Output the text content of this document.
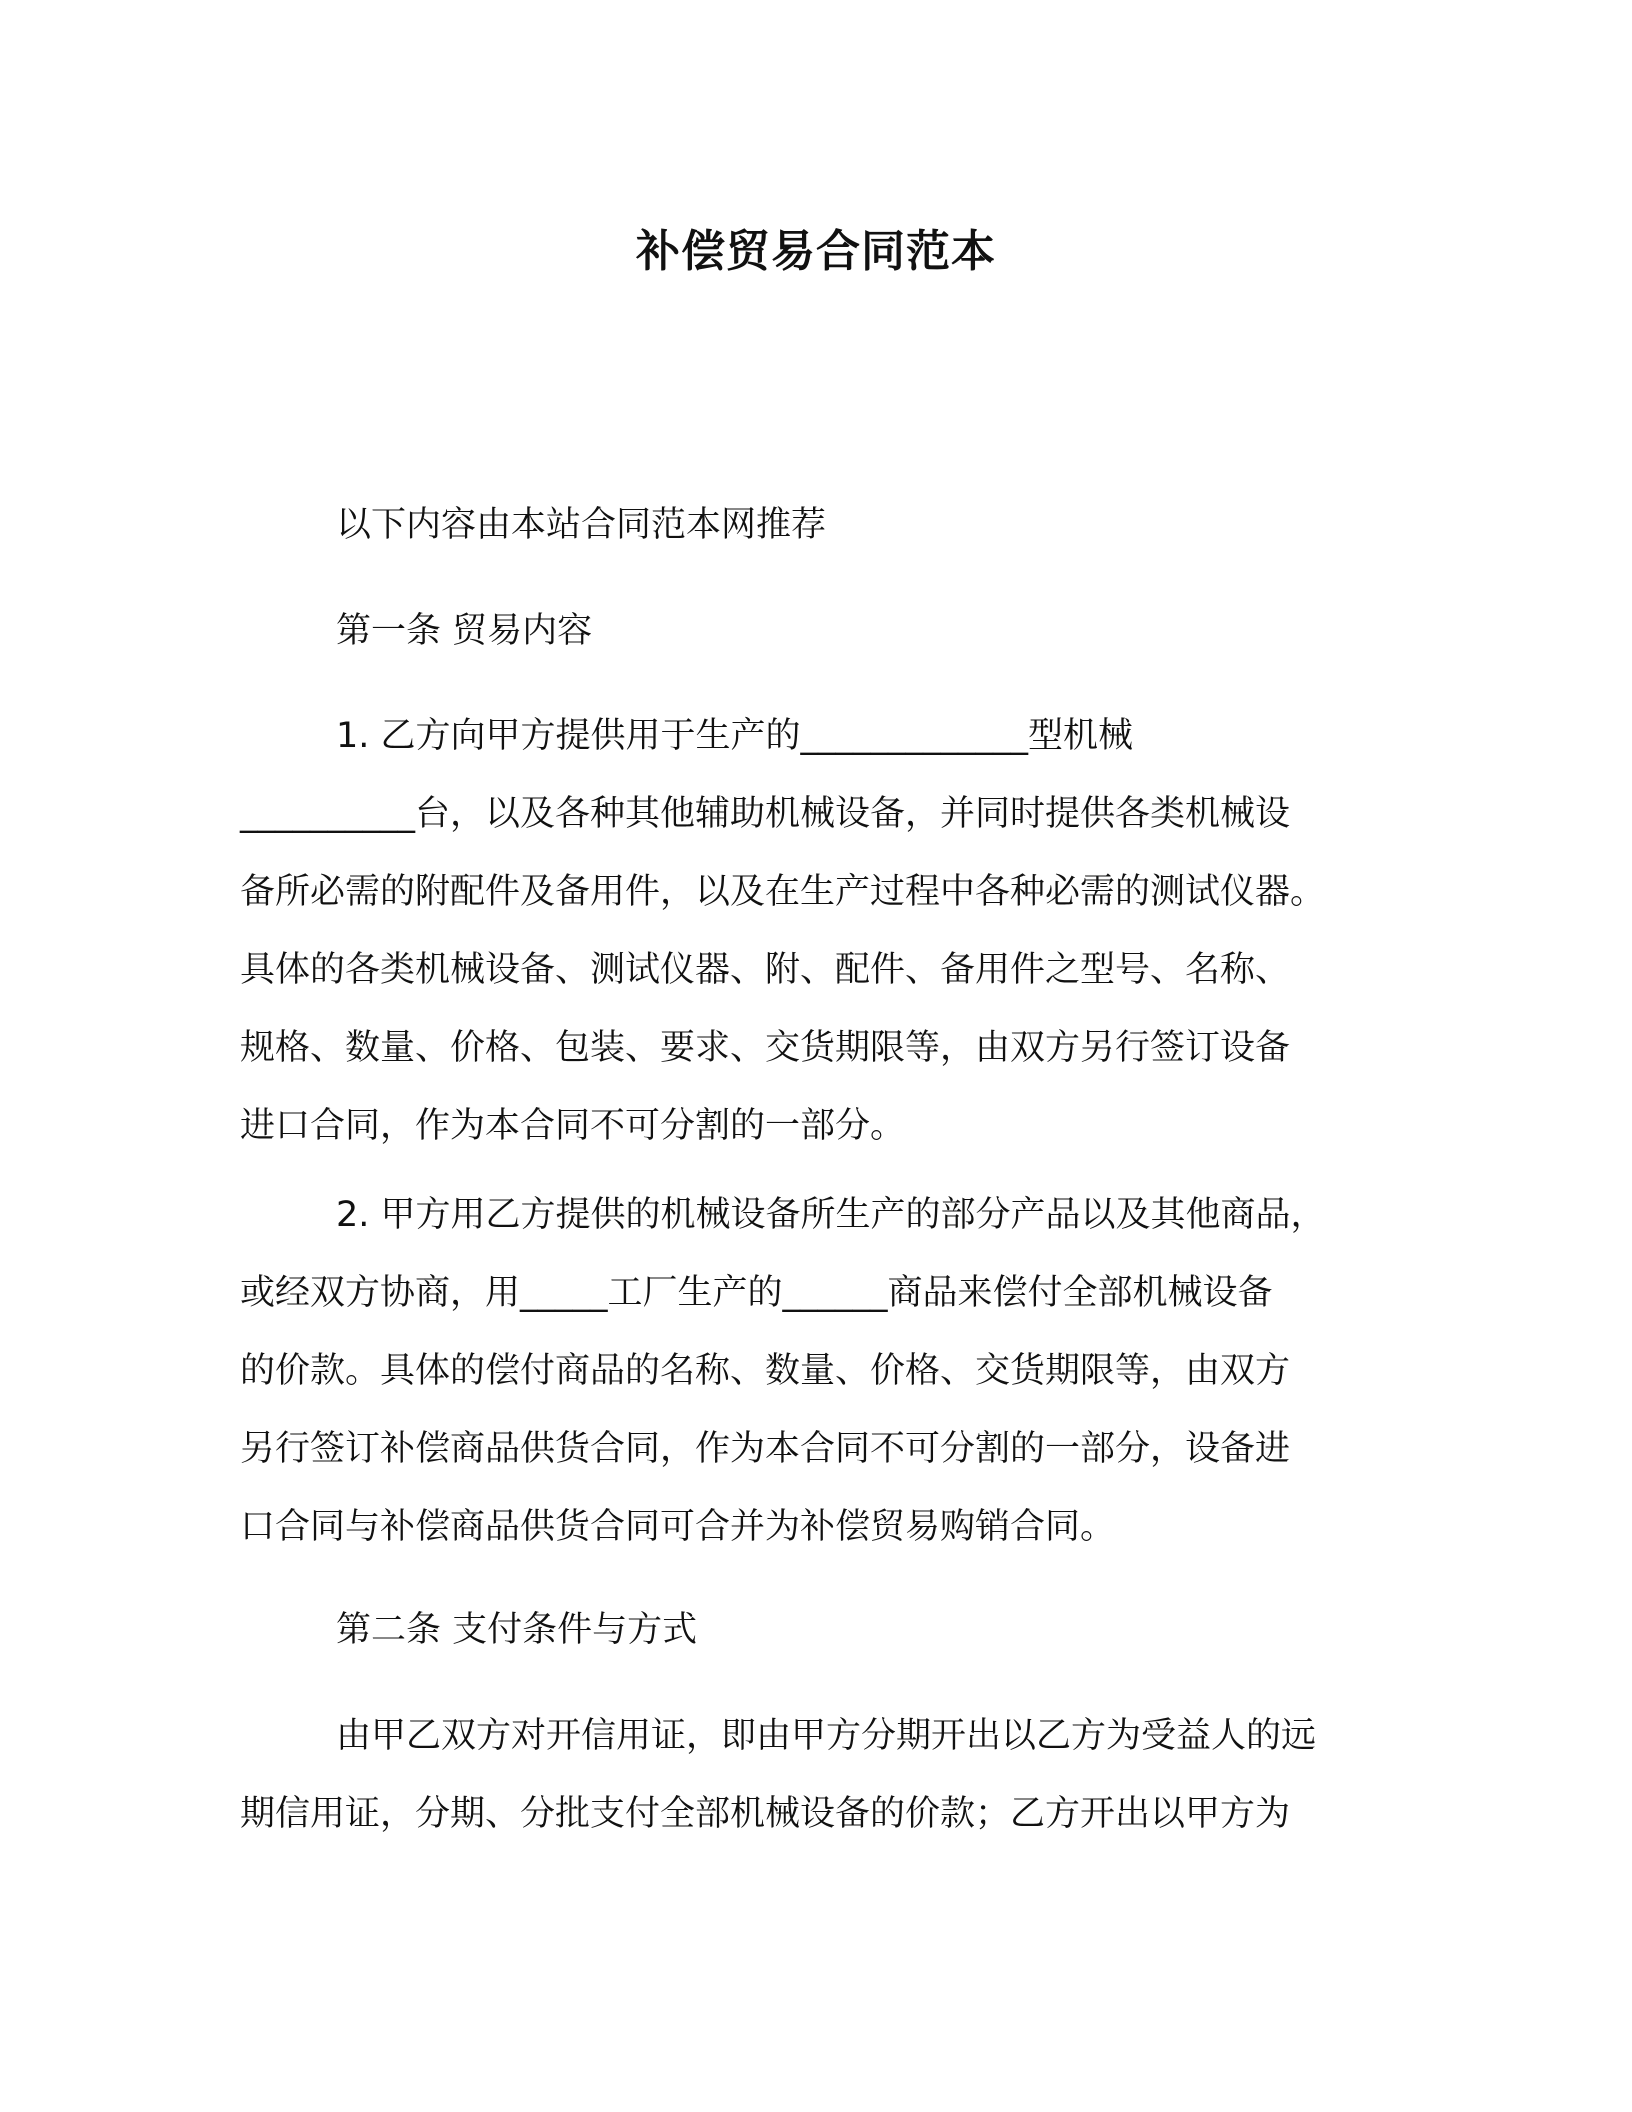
补偿贸易合同范本
以下内容由本站合同范本网推荐
第一条 贸易内容
1. 乙方向甲方提供用于生产的_____________型机械
__________台，以及各种其他辅助机械设备，并同时提供各类机械设
备所必需的附配件及备用件，以及在生产过程中各种必需的测试仪器。
具体的各类机械设备、测试仪器、附、配件、备用件之型号、名称、
规格、数量、价格、包装、要求、交货期限等，由双方另行签订设备
进口合同，作为本合同不可分割的一部分。
2. 甲方用乙方提供的机械设备所生产的部分产品以及其他商品，
或经双方协商，用_____工厂生产的______商品来偿付全部机械设备
的价款。具体的偿付商品的名称、数量、价格、交货期限等，由双方
另行签订补偿商品供货合同，作为本合同不可分割的一部分，设备进
口合同与补偿商品供货合同可合并为补偿贸易购销合同。
第二条 支付条件与方式
由甲乙双方对开信用证，即由甲方分期开出以乙方为受益人的远
期信用证，分期、分批支付全部机械设备的价款；乙方开出以甲方为
